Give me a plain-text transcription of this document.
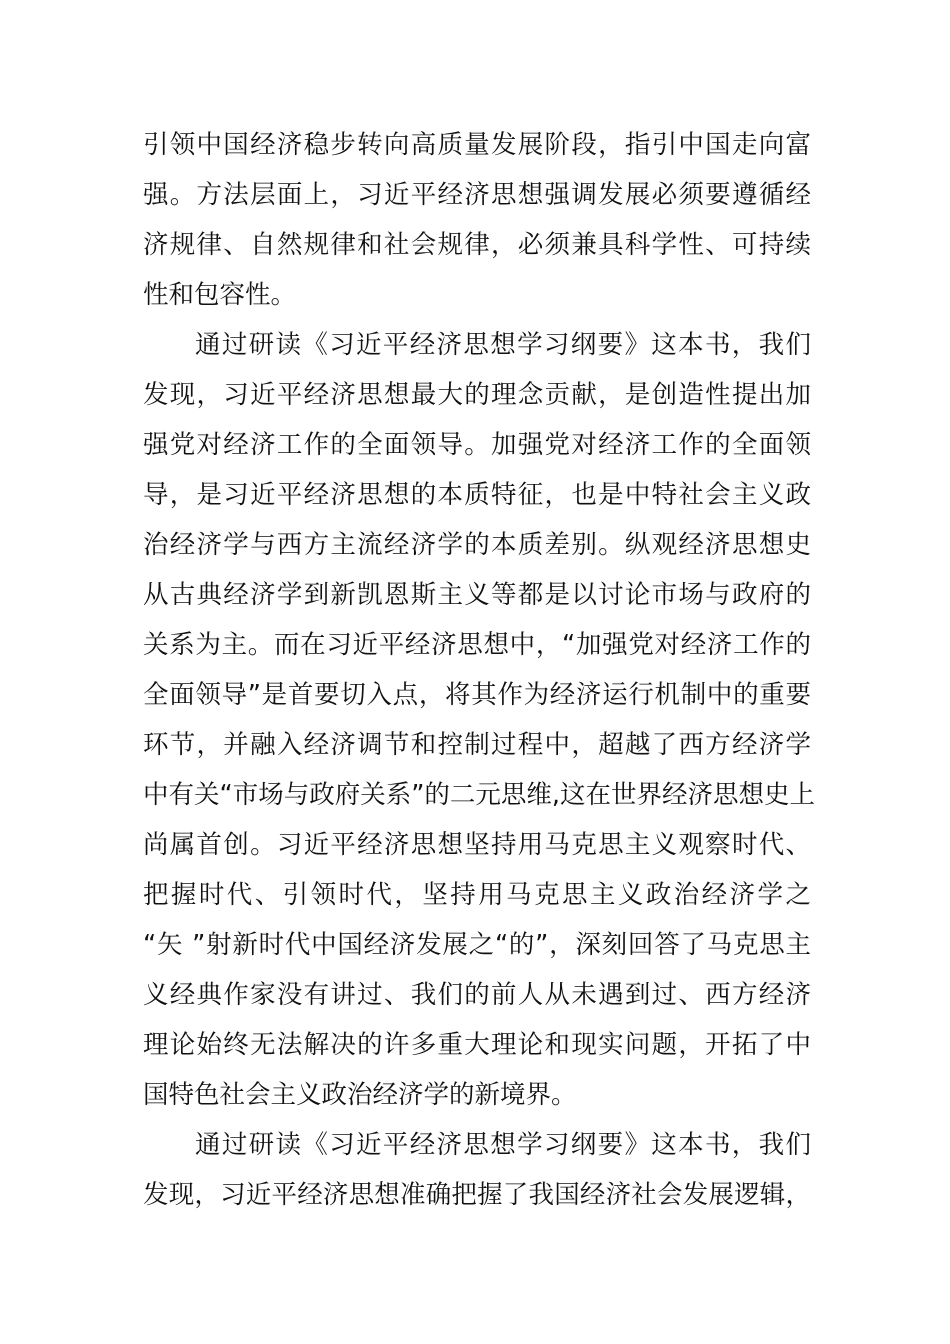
引领中国经济稳步转向高质量发展阶段，指引中国走向富
强。方法层面上，习近平经济思想强调发展必须要遵循经
济规律、自然规律和社会规律，必须兼具科学性、可持续
性和包容性。
通过研读《习近平经济思想学习纲要》这本书，我们
发现，习近平经济思想最大的理念贡献，是创造性提出加
强党对经济工作的全面领导。加强党对经济工作的全面领
导，是习近平经济思想的本质特征，也是中特社会主义政
治经济学与西方主流经济学的本质差别。纵观经济思想史
从古典经济学到新凯恩斯主义等都是以讨论市场与政府的
关系为主。而在习近平经济思想中，“加强党对经济工作的
全面领导”是首要切入点，将其作为经济运行机制中的重要
环节，并融入经济调节和控制过程中，超越了西方经济学
中有关“市场与政府关系”的二元思维,这在世界经济思想史上
尚属首创。习近平经济思想坚持用马克思主义观察时代、
把握时代、引领时代，坚持用马克思主义政治经济学之
“矢 ”射新时代中国经济发展之“的”，深刻回答了马克思主
义经典作家没有讲过、我们的前人从未遇到过、西方经济
理论始终无法解决的许多重大理论和现实问题，开拓了中
国特色社会主义政治经济学的新境界。
通过研读《习近平经济思想学习纲要》这本书，我们
发现，习近平经济思想准确把握了我国经济社会发展逻辑，
